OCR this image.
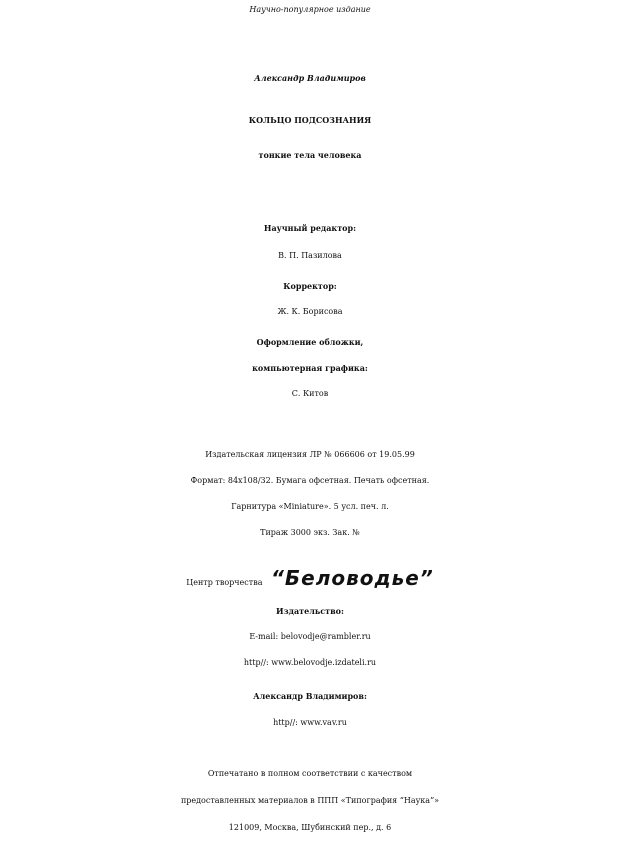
Научно-популярное издание
Александр Владимиров
КОЛЬЦО ПОДСОЗНАНИЯ
тонкие тела человека
Научный редактор:
В. П. Пазилова
Корректор:
Ж. К. Борисова
Оформление обложки,
компьютерная графика:
С. Китов
Издательская лицензия ЛР № 066606 от 19.05.99
Формат: 84х108/32. Бумага офсетная. Печать офсетная.
Гарнитура «Miniature». 5 усл. печ. л.
Тираж 3000 экз. Зак. №
Центр творчества “Беловодье”
Издательство:
E-mail: belovodje@rambler.ru
http//: www.belovodje.izdateli.ru
Александр Владимиров:
http//: www.vav.ru
Отпечатано в полном соответствии с качеством
предоставленных материалов в ППП «Типография “Наука”»
121009, Москва, Шубинский пер., д. 6
